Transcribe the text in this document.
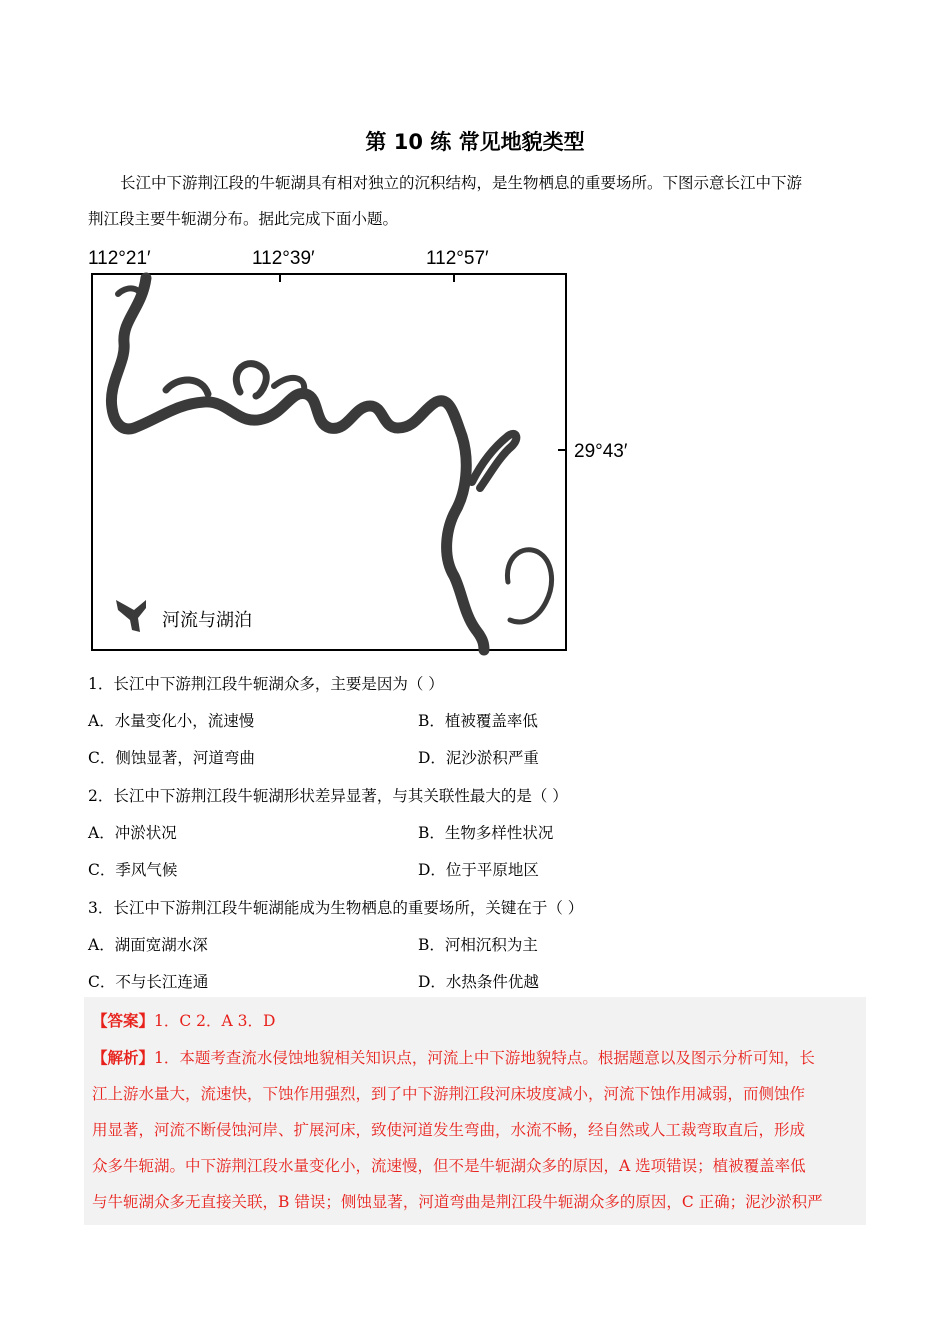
第 10 练 常见地貌类型
长江中下游荆江段的牛轭湖具有相对独立的沉积结构，是生物栖息的重要场所。下图示意长江中下游
荆江段主要牛轭湖分布。据此完成下面小题。
112°21′	112°39′	112°57′
29°43′
河流与湖泊
1．长江中下游荆江段牛轭湖众多，主要是因为（ ）
A．水量变化小，流速慢	B．植被覆盖率低
C．侧蚀显著，河道弯曲	D．泥沙淤积严重
2．长江中下游荆江段牛轭湖形状差异显著，与其关联性最大的是（ ）
A．冲淤状况	B．生物多样性状况
C．季风气候	D．位于平原地区
3．长江中下游荆江段牛轭湖能成为生物栖息的重要场所，关键在于（ ）
A．湖面宽湖水深	B．河相沉积为主
C．不与长江连通	D．水热条件优越
【答案】1．C 2．A 3．D
【解析】1．本题考查流水侵蚀地貌相关知识点，河流上中下游地貌特点。根据题意以及图示分析可知，长
江上游水量大，流速快，下蚀作用强烈，到了中下游荆江段河床坡度减小，河流下蚀作用减弱，而侧蚀作
用显著，河流不断侵蚀河岸、扩展河床，致使河道发生弯曲，水流不畅，经自然或人工裁弯取直后，形成
众多牛轭湖。中下游荆江段水量变化小，流速慢，但不是牛轭湖众多的原因，A 选项错误；植被覆盖率低
与牛轭湖众多无直接关联，B 错误；侧蚀显著，河道弯曲是荆江段牛轭湖众多的原因，C 正确；泥沙淤积严
